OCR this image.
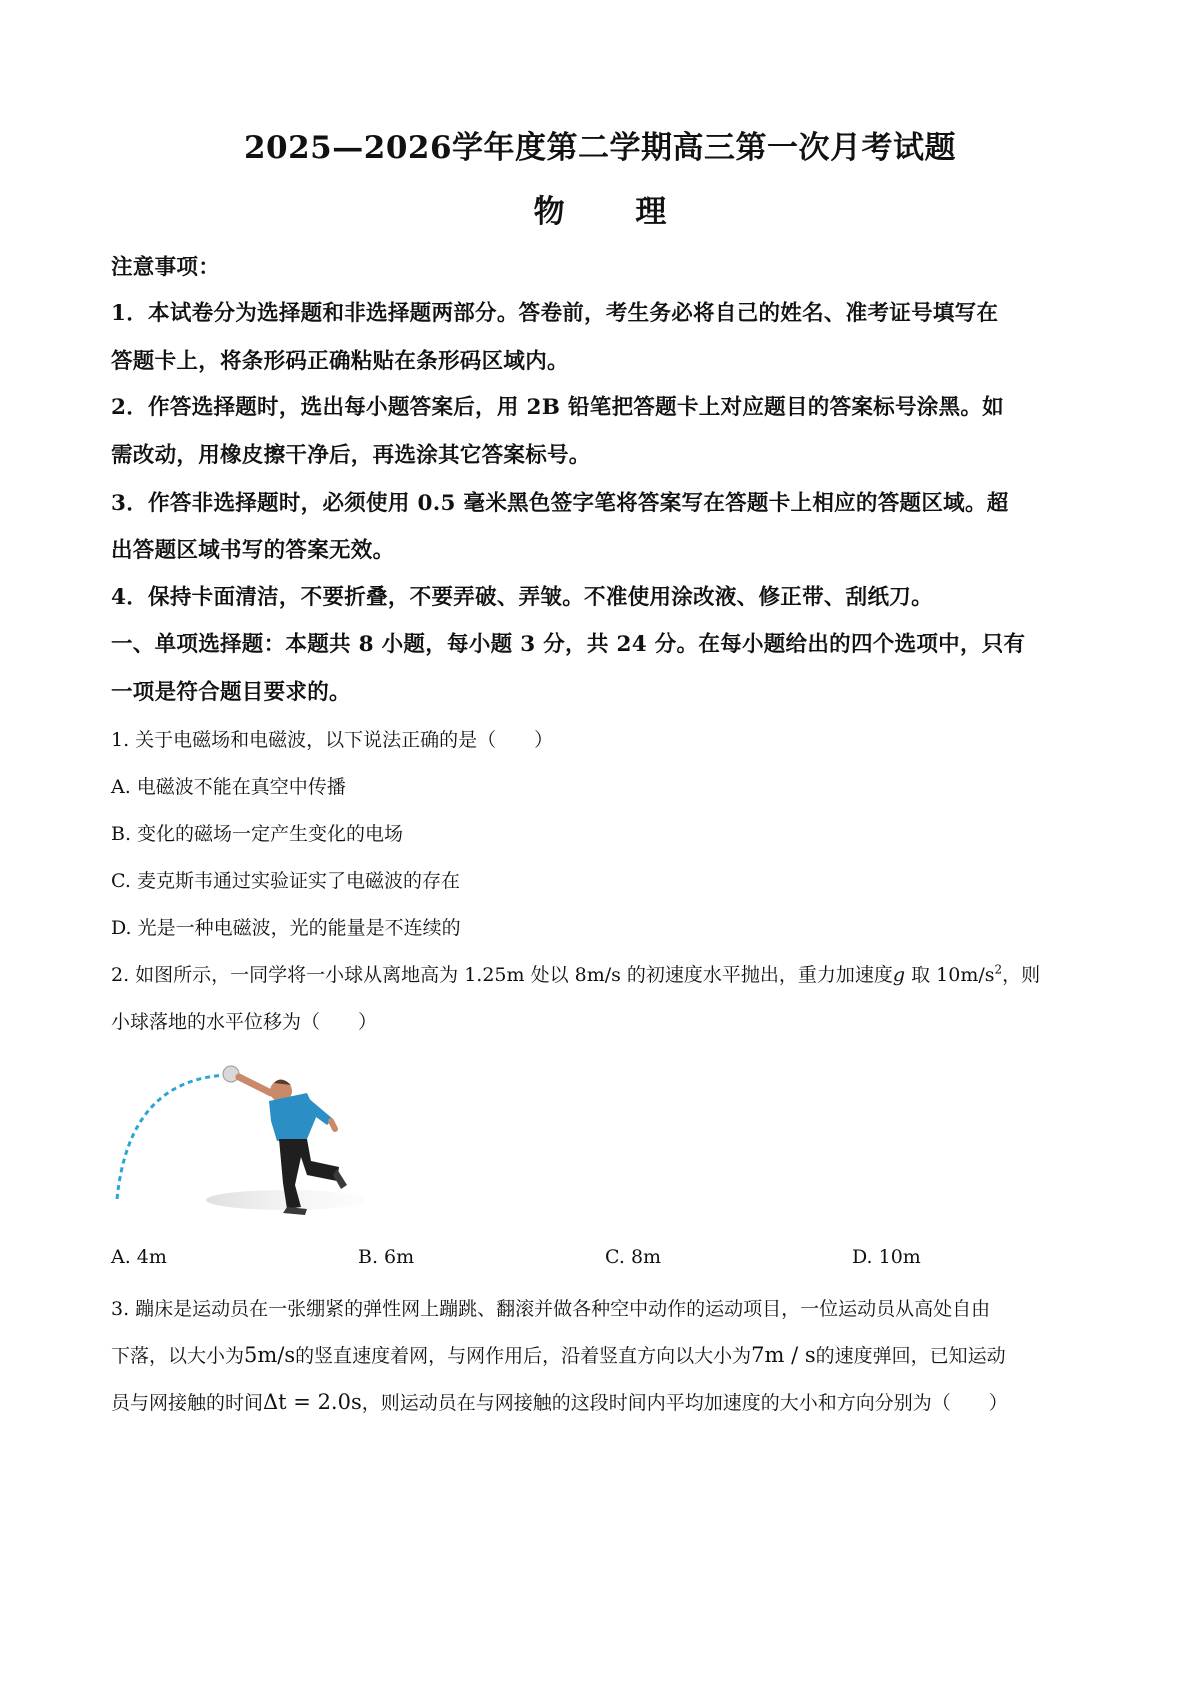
2025—2026学年度第二学期高三第一次月考试题
物 理
注意事项：
1．本试卷分为选择题和非选择题两部分。答卷前，考生务必将自己的姓名、准考证号填写在
答题卡上，将条形码正确粘贴在条形码区域内。
2．作答选择题时，选出每小题答案后，用 2B 铅笔把答题卡上对应题目的答案标号涂黑。如
需改动，用橡皮擦干净后，再选涂其它答案标号。
3．作答非选择题时，必须使用 0.5 毫米黑色签字笔将答案写在答题卡上相应的答题区域。超
出答题区域书写的答案无效。
4．保持卡面清洁，不要折叠，不要弄破、弄皱。不准使用涂改液、修正带、刮纸刀。
一、单项选择题：本题共 8 小题，每小题 3 分，共 24 分。在每小题给出的四个选项中，只有
一项是符合题目要求的。
1. 关于电磁场和电磁波，以下说法正确的是（　　）
A. 电磁波不能在真空中传播
B. 变化的磁场一定产生变化的电场
C. 麦克斯韦通过实验证实了电磁波的存在
D. 光是一种电磁波，光的能量是不连续的
2. 如图所示，一同学将一小球从离地高为 1.25m 处以 8m/s 的初速度水平抛出，重力加速度g 取 $10m/s^2$，则
小球落地的水平位移为（　　）
A. 4m	B. 6m	C. 8m	D. 10m
3. 蹦床是运动员在一张绷紧的弹性网上蹦跳、翻滚并做各种空中动作的运动项目，一位运动员从高处自由
下落，以大小为5m/s的竖直速度着网，与网作用后，沿着竖直方向以大小为7m / s的速度弹回，已知运动
员与网接触的时间Δt = 2.0s，则运动员在与网接触的这段时间内平均加速度的大小和方向分别为（　　）
